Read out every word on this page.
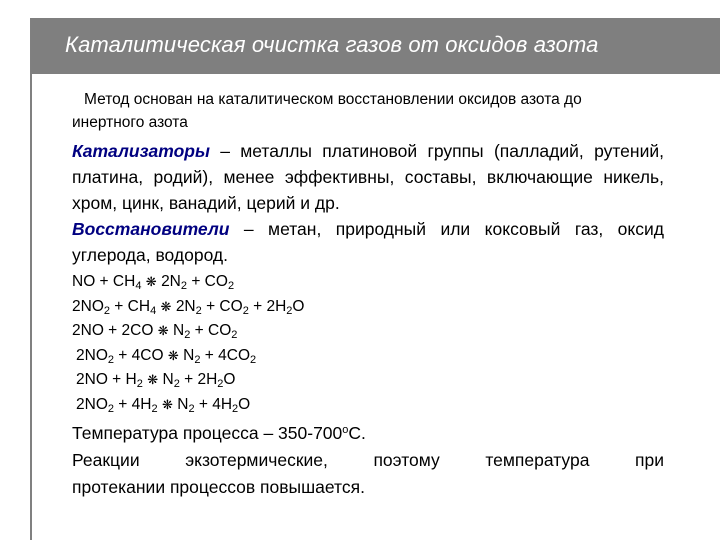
Каталитическая очистка газов от оксидов азота

Метод основан на каталитическом восстановлении оксидов азота до
инертного азота

Катализаторы – металлы платиновой группы (палладий, рутений, платина, родий), менее эффективны, составы, включающие никель, хром, цинк, ванадий, церий и др.

Восстановители – метан, природный или коксовый газ, оксид углерода, водород.

NO + $CH_4$ ❋ $2N_2 + CO_2$
$2NO_2 + CH_4$ ❋ $2N_2 + CO_2 + 2H_2O$
2NO + 2CO ❋ $N_2 + CO_2$
$2NO_2 + 4CO$ ❋ $N_2 + 4CO_2$
$2NO + H_2$ ❋ $N_2 + 2H_2O$
$2NO_2 + 4H_2$ ❋ $N_2 + 4H_2O$
Температура процесса – 350-700$^o$С.
Реакции	экзотермические,	поэтому	температура	при
протекании процессов повышается.
